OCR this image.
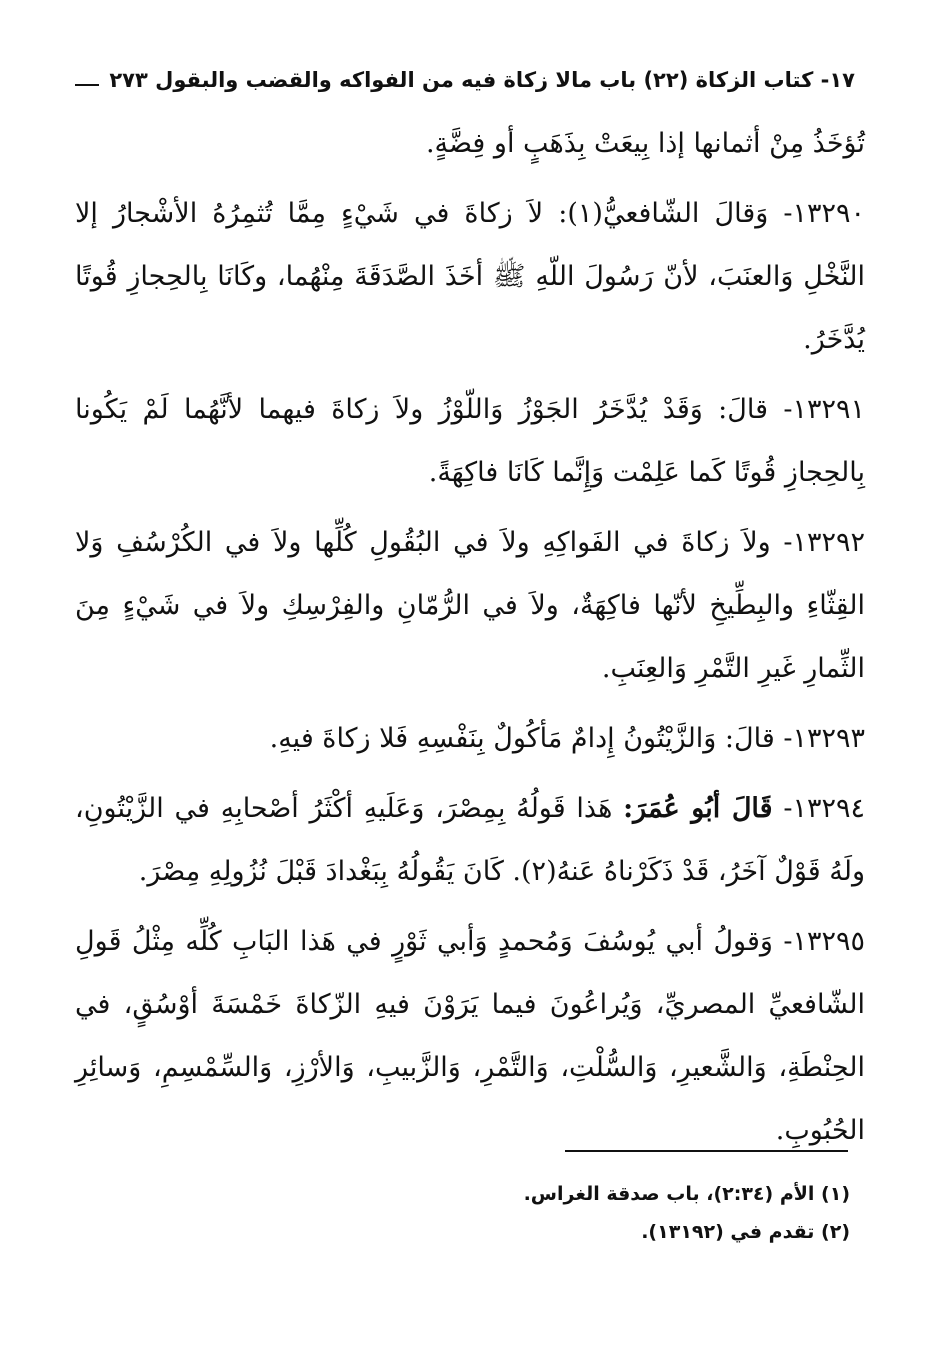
١٧- كتاب الزكاة (٢٢) باب مالا زكاة فيه من الفواكه والقضب والبقول ٢٧٣

تُؤخَذُ مِنْ أثمانها إذا بِيعَتْ بِذَهَبٍ أو فِضَّةٍ.

١٣٢٩٠- وَقالَ الشّافعيُّ(١): لاَ زكاةَ في شَيْءٍ مِمَّا تُثمِرُهُ الأشْجارُ إلا النَّخْلِ وَالعنَبَ، لأنّ رَسُولَ اللّهِ ﷺ أخَذَ الصَّدَقَةَ مِنْهُما، وكَانَا بِالحِجازِ قُوتًا يُدَّخَرُ.

١٣٢٩١- قالَ: وَقَدْ يُدَّخَرُ الجَوْزُ وَاللّوْزُ ولاَ زكاةَ فيهما لأنَّهُما لَمْ يَكُونا بِالحِجازِ قُوتًا كَما عَلِمْت وَإِنَّما كَانَا فاكِهَةً.

١٣٢٩٢- ولاَ زكاةَ في الفَواكِهِ ولاَ في البُقُولِ كُلِّها ولاَ في الكُرْسُفِ وَلا القِثّاءِ والبِطِّيخِ لأنّها فاكِهَةٌ، ولاَ في الرُّمّانِ والفِرْسِكِ ولاَ في شَيْءٍ مِنَ الثِّمارِ غَيرِ التَّمْرِ وَالعِنَبِ.

١٣٢٩٣- قالَ: وَالزَّيْتُونُ إِدامٌ مَأكُولٌ بِنَفْسِهِ فَلا زكاةَ فيهِ.

١٣٢٩٤- قَالَ أبُو عُمَرَ: هَذا قَولُهُ بِمِصْرَ، وَعَلَيهِ أكْثَرُ أصْحابِهِ في الزَّيْتُونِ، ولَهُ قَوْلٌ آخَرُ، قَدْ ذَكَرْناهُ عَنهُ(٢). كَانَ يَقُولُهُ بِبَغْدادَ قَبْلَ نُزُولِهِ مِصْرَ.

١٣٢٩٥- وَقولُ أبي يُوسُفَ وَمُحمدٍ وَأبي ثَوْرٍ في هَذا البَابِ كُلِّه مِثْلُ قَولِ الشّافعيِّ المصريِّ، وَيُراعُونَ فيما يَرَوْنَ فيهِ الزّكاةَ خَمْسَةَ أوْسُقٍ، في الحِنْطَةِ، وَالشَّعيرِ، وَالسُّلْتِ، وَالتَّمْرِ، وَالزَّبيبِ، وَالأرْزِ، وَالسِّمْسِمِ، وَسائِرِ الحُبُوبِ.

(١) الأم (٢:٣٤)، باب صدقة الغراس.
(٢) تقدم في (١٣١٩٢).
